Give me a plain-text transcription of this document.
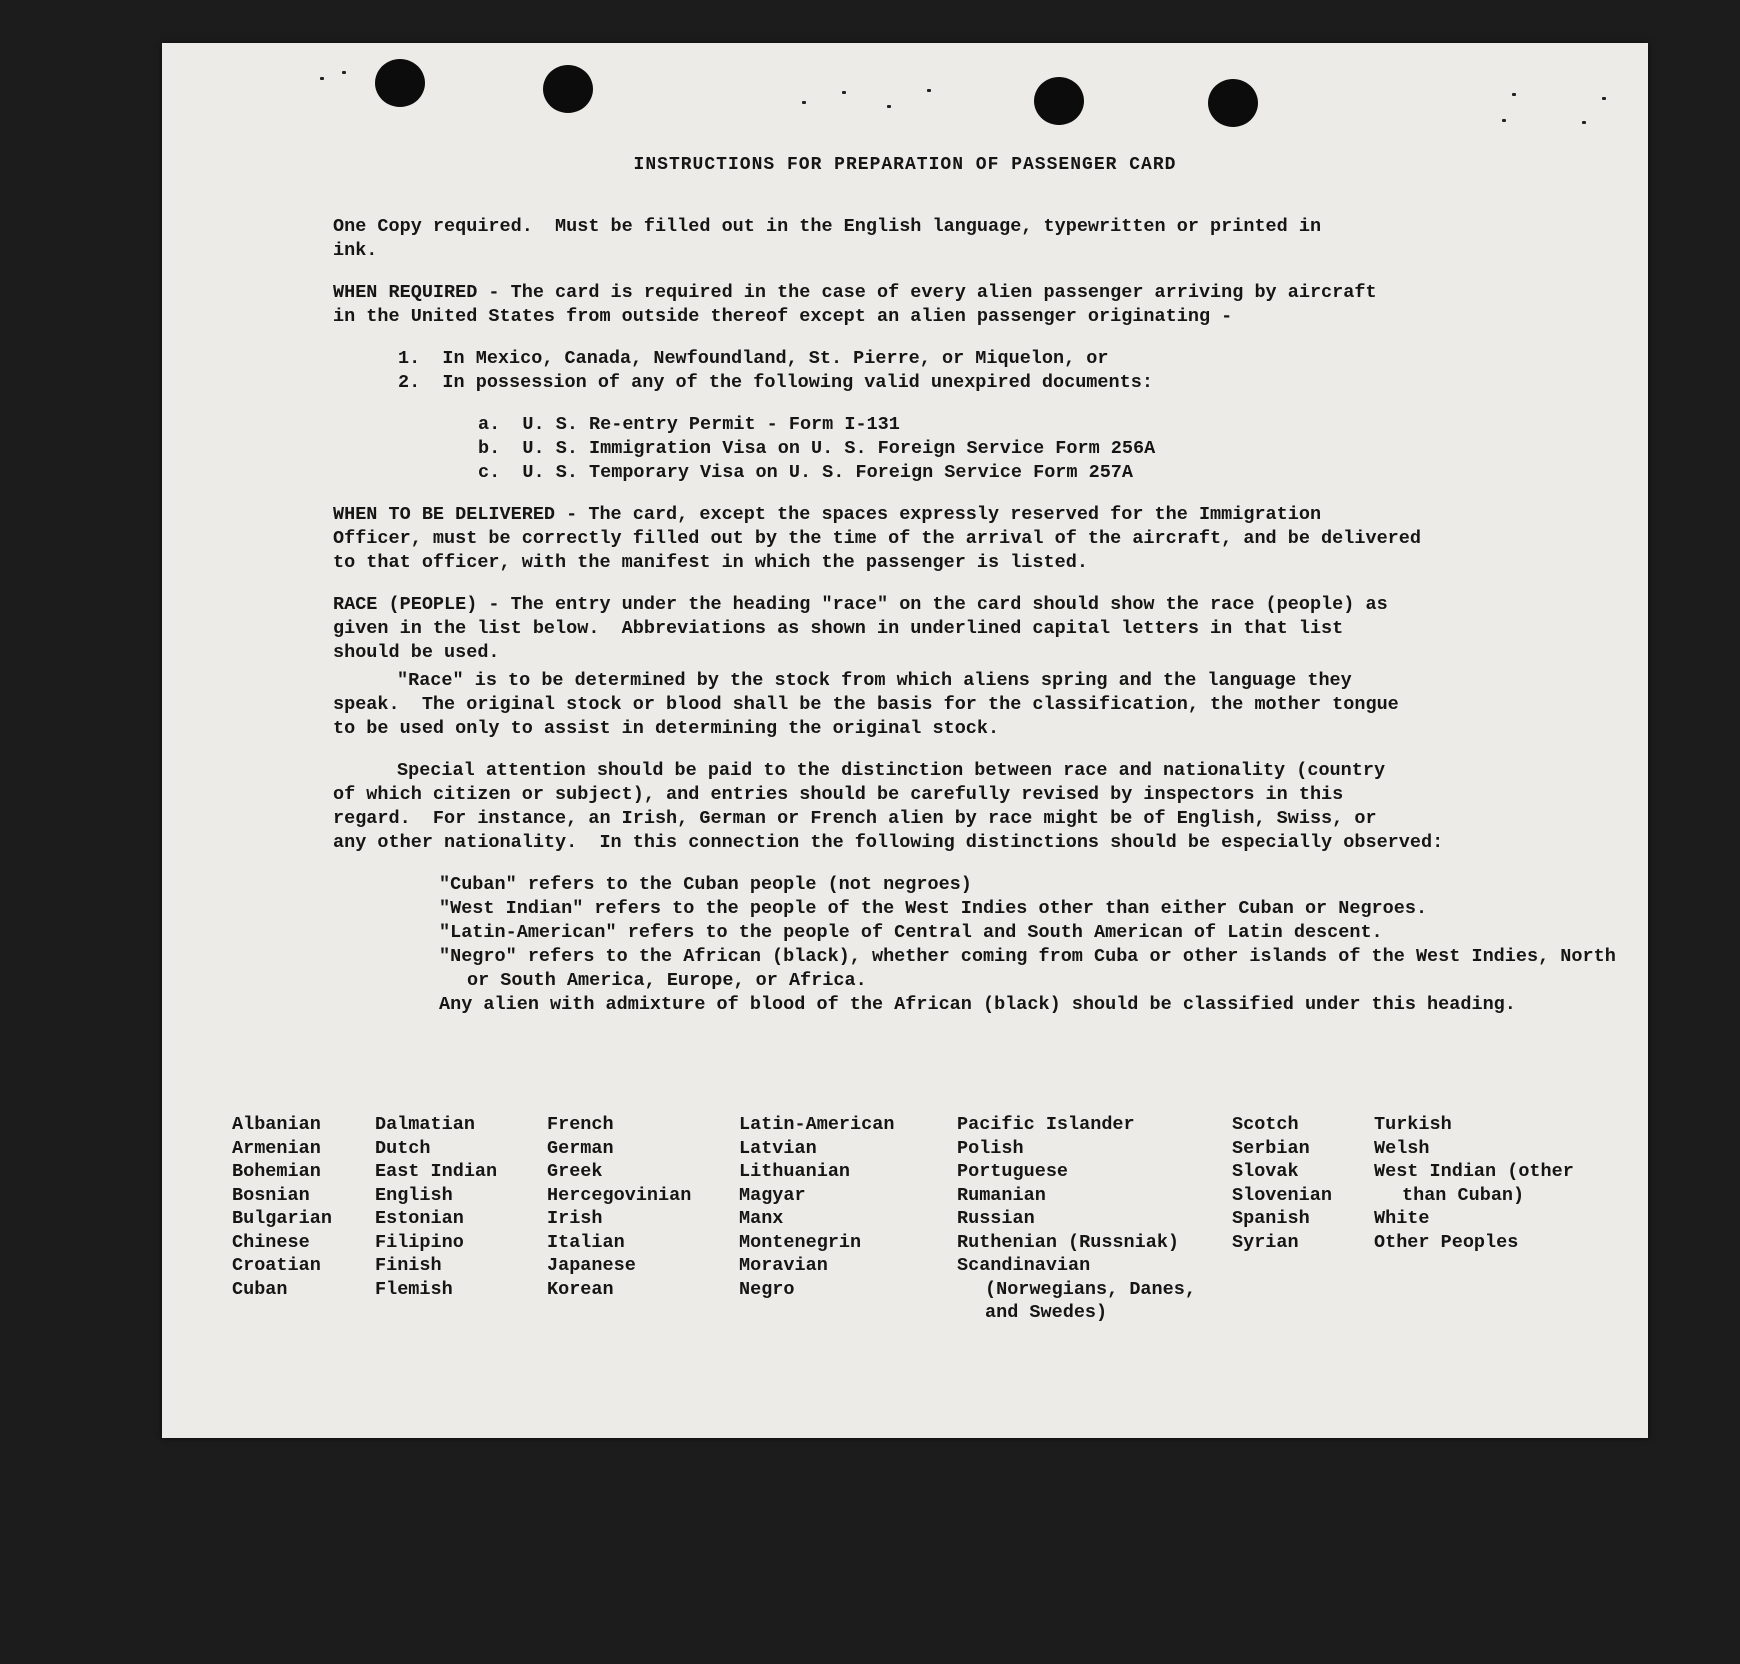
INSTRUCTIONS FOR PREPARATION OF PASSENGER CARD

One Copy required.  Must be filled out in the English language, typewritten or printed in
ink.

WHEN REQUIRED - The card is required in the case of every alien passenger arriving by aircraft
in the United States from outside thereof except an alien passenger originating -

1.  In Mexico, Canada, Newfoundland, St. Pierre, or Miquelon, or
2.  In possession of any of the following valid unexpired documents:
a.  U. S. Re-entry Permit - Form I-131
b.  U. S. Immigration Visa on U. S. Foreign Service Form 256A
c.  U. S. Temporary Visa on U. S. Foreign Service Form 257A

WHEN TO BE DELIVERED - The card, except the spaces expressly reserved for the Immigration
Officer, must be correctly filled out by the time of the arrival of the aircraft, and be delivered
to that officer, with the manifest in which the passenger is listed.

RACE (PEOPLE) - The entry under the heading "race" on the card should show the race (people) as
given in the list below.  Abbreviations as shown in underlined capital letters in that list
should be used.

"Race" is to be determined by the stock from which aliens spring and the language they
speak.  The original stock or blood shall be the basis for the classification, the mother tongue
to be used only to assist in determining the original stock.

Special attention should be paid to the distinction between race and nationality (country
of which citizen or subject), and entries should be carefully revised by inspectors in this
regard.  For instance, an Irish, German or French alien by race might be of English, Swiss, or
any other nationality.  In this connection the following distinctions should be especially observed:

"Cuban" refers to the Cuban people (not negroes)
"West Indian" refers to the people of the West Indies other than either Cuban or Negroes.
"Latin-American" refers to the people of Central and South American of Latin descent.
"Negro" refers to the African (black), whether coming from Cuba or other islands of the West Indies, North or South America, Europe, or Africa.
Any alien with admixture of blood of the African (black) should be classified under this heading.
Albanian
Armenian
Bohemian
Bosnian
Bulgarian
Chinese
Croatian
Cuban
Dalmatian
Dutch
East Indian
English
Estonian
Filipino
Finish
Flemish
French
German
Greek
Hercegovinian
Irish
Italian
Japanese
Korean
Latin-American
Latvian
Lithuanian
Magyar
Manx
Montenegrin
Moravian
Negro
Pacific Islander
Polish
Portuguese
Rumanian
Russian
Ruthenian (Russniak)
Scandinavian (Norwegians, Danes, and Swedes)
Scotch
Serbian
Slovak
Slovenian
Spanish
Syrian
Turkish
Welsh
West Indian (other than Cuban)
White
Other Peoples
